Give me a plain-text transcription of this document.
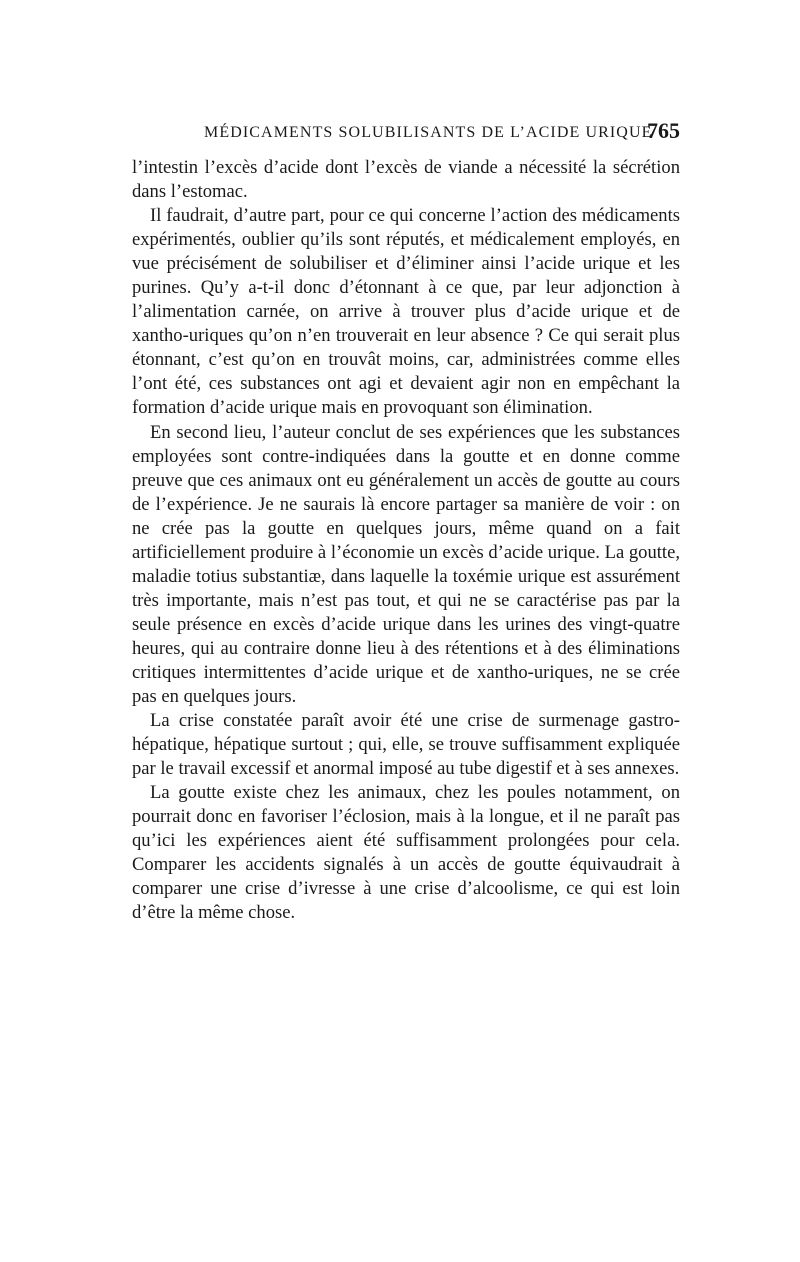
MÉDICAMENTS SOLUBILISANTS DE L’ACIDE URIQUE
765

l’intestin l’excès d’acide dont l’excès de viande a nécessité la sécrétion dans l’estomac.

Il faudrait, d’autre part, pour ce qui concerne l’action des médicaments expérimentés, oublier qu’ils sont réputés, et médicalement employés, en vue précisément de solubiliser et d’éliminer ainsi l’acide urique et les purines. Qu’y a-t-il donc d’étonnant à ce que, par leur adjonction à l’alimentation carnée, on arrive à trouver plus d’acide urique et de xantho-uriques qu’on n’en trouverait en leur absence ? Ce qui serait plus étonnant, c’est qu’on en trouvât moins, car, administrées comme elles l’ont été, ces substances ont agi et devaient agir non en empêchant la formation d’acide urique mais en provoquant son élimination.

En second lieu, l’auteur conclut de ses expériences que les substances employées sont contre-indiquées dans la goutte et en donne comme preuve que ces animaux ont eu généralement un accès de goutte au cours de l’expérience. Je ne saurais là encore partager sa manière de voir : on ne crée pas la goutte en quelques jours, même quand on a fait artificiellement produire à l’économie un excès d’acide urique. La goutte, maladie totius substantiæ, dans laquelle la toxémie urique est assurément très importante, mais n’est pas tout, et qui ne se caractérise pas par la seule présence en excès d’acide urique dans les urines des vingt-quatre heures, qui au contraire donne lieu à des rétentions et à des éliminations critiques intermittentes d’acide urique et de xantho-uriques, ne se crée pas en quelques jours.

La crise constatée paraît avoir été une crise de surmenage gastro-hépatique, hépatique surtout ; qui, elle, se trouve suffisamment expliquée par le travail excessif et anormal imposé au tube digestif et à ses annexes.

La goutte existe chez les animaux, chez les poules notamment, on pourrait donc en favoriser l’éclosion, mais à la longue, et il ne paraît pas qu’ici les expériences aient été suffisamment prolongées pour cela. Comparer les accidents signalés à un accès de goutte équivaudrait à comparer une crise d’ivresse à une crise d’alcoolisme, ce qui est loin d’être la même chose.
